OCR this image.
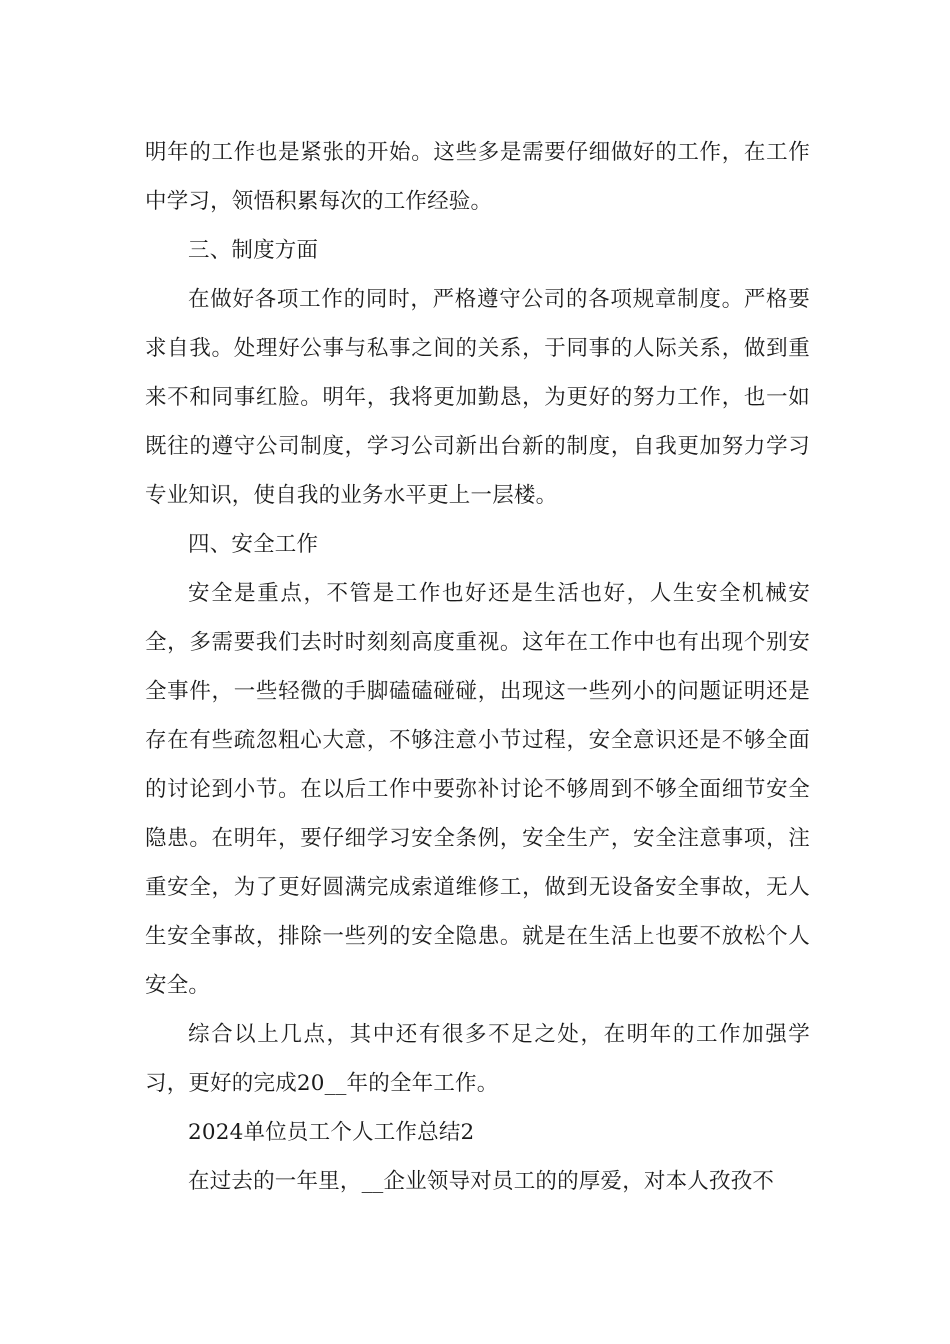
明年的工作也是紧张的开始。这些多是需要仔细做好的工作，在工作中学习，领悟积累每次的工作经验。

三、制度方面

在做好各项工作的同时，严格遵守公司的各项规章制度。严格要求自我。处理好公事与私事之间的关系，于同事的人际关系，做到重来不和同事红脸。明年，我将更加勤恳，为更好的努力工作，也一如既往的遵守公司制度，学习公司新出台新的制度，自我更加努力学习专业知识，使自我的业务水平更上一层楼。

四、安全工作

安全是重点，不管是工作也好还是生活也好，人生安全机械安全，多需要我们去时时刻刻高度重视。这年在工作中也有出现个别安全事件，一些轻微的手脚磕磕碰碰，出现这一些列小的问题证明还是存在有些疏忽粗心大意，不够注意小节过程，安全意识还是不够全面的讨论到小节。在以后工作中要弥补讨论不够周到不够全面细节安全隐患。在明年，要仔细学习安全条例，安全生产，安全注意事项，注重安全，为了更好圆满完成索道维修工，做到无设备安全事故，无人生安全事故，排除一些列的安全隐患。就是在生活上也要不放松个人安全。

综合以上几点，其中还有很多不足之处，在明年的工作加强学习，更好的完成20__年的全年工作。

2024单位员工个人工作总结2

在过去的一年里，__企业领导对员工的的厚爱，对本人孜孜不
